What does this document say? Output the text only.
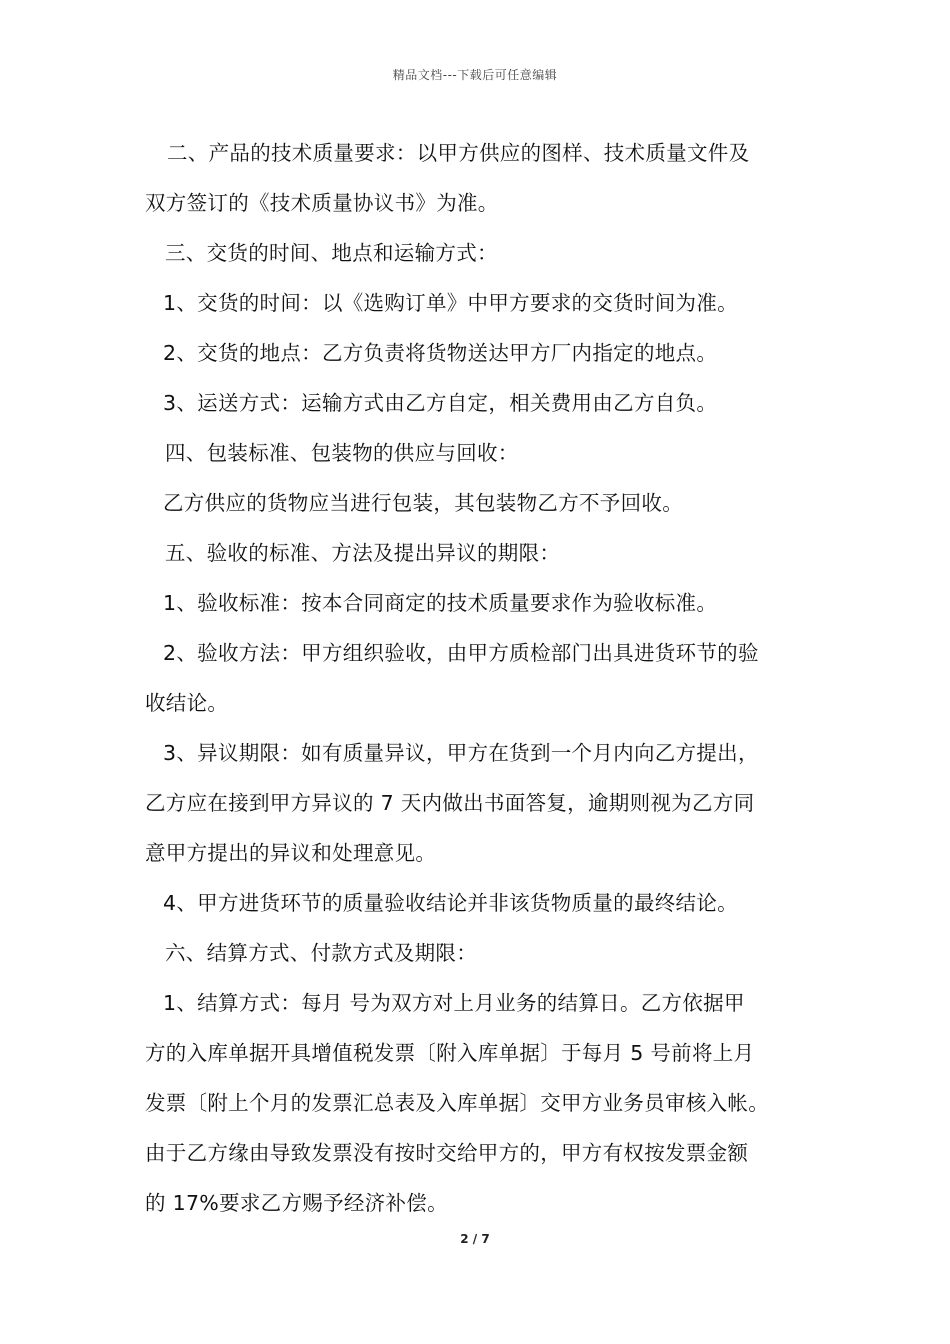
精品文档---下载后可任意编辑
二、产品的技术质量要求：以甲方供应的图样、技术质量文件及
双方签订的《技术质量协议书》为准。
三、交货的时间、地点和运输方式：
1、交货的时间：以《选购订单》中甲方要求的交货时间为准。
2、交货的地点：乙方负责将货物送达甲方厂内指定的地点。
3、运送方式：运输方式由乙方自定，相关费用由乙方自负。
四、包装标准、包装物的供应与回收：
乙方供应的货物应当进行包装，其包装物乙方不予回收。
五、验收的标准、方法及提出异议的期限：
1、验收标准：按本合同商定的技术质量要求作为验收标准。
2、验收方法：甲方组织验收，由甲方质检部门出具进货环节的验
收结论。
3、异议期限：如有质量异议，甲方在货到一个月内向乙方提出，
乙方应在接到甲方异议的 7 天内做出书面答复，逾期则视为乙方同
意甲方提出的异议和处理意见。
4、甲方进货环节的质量验收结论并非该货物质量的最终结论。
六、结算方式、付款方式及期限：
1、结算方式：每月 号为双方对上月业务的结算日。乙方依据甲
方的入库单据开具增值税发票〔附入库单据〕于每月 5 号前将上月
发票〔附上个月的发票汇总表及入库单据〕交甲方业务员审核入帐。
由于乙方缘由导致发票没有按时交给甲方的，甲方有权按发票金额
的 17%要求乙方赐予经济补偿。
2 / 7
